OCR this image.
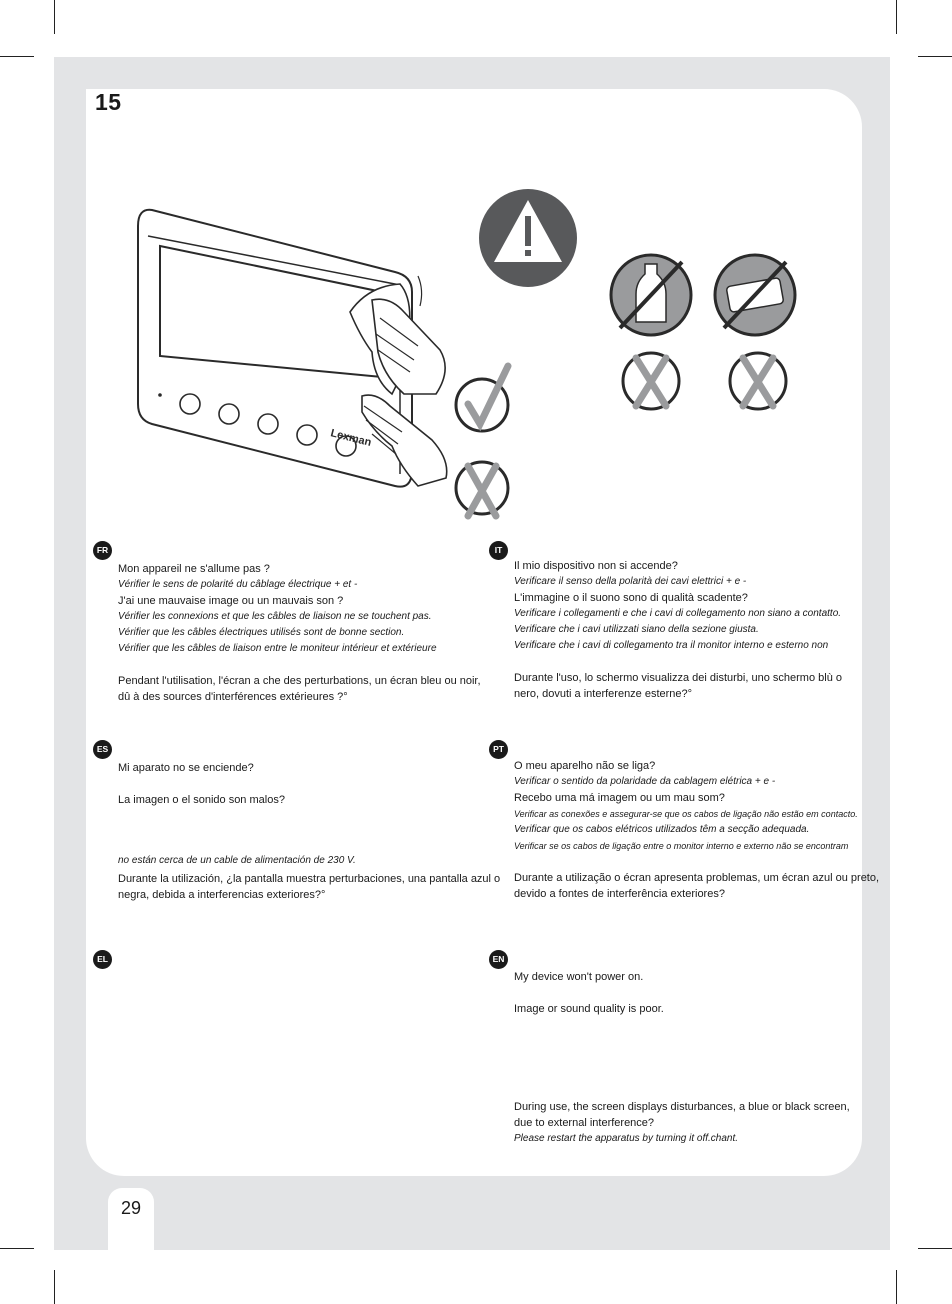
15
Lexman
FR
Mon appareil ne s'allume pas ?
Vérifier le sens de polarité du câblage électrique + et -
J'ai une mauvaise image ou un mauvais son ?
Vérifier les connexions et que les câbles de liaison ne se touchent pas.
Vérifier que les câbles électriques utilisés sont de bonne section.
Vérifier que les câbles de liaison entre le moniteur intérieur et extérieure
Pendant l'utilisation, l'écran a che des perturbations, un écran bleu ou noir,
dû à des sources d'interférences extérieures ?°
IT
Il mio dispositivo non si accende?
Verificare il senso della polarità dei cavi elettrici + e -
L'immagine o il suono sono di qualità scadente?
Verificare i collegamenti e che i cavi di collegamento non siano a contatto.
Verificare che i cavi utilizzati siano della sezione giusta.
Verificare che i cavi di collegamento tra il monitor interno e esterno non
Durante l'uso, lo schermo visualizza dei disturbi, uno schermo blù o
nero, dovuti a interferenze esterne?°
ES
Mi aparato no se enciende?
La imagen o el sonido son malos?
no están cerca de un cable de alimentación de 230 V.
Durante la utilización, ¿la pantalla muestra perturbaciones, una pantalla azul o
negra, debida a interferencias exteriores?°
PT
O meu aparelho não se liga?
Verificar o sentido da polaridade da cablagem elétrica + e -
Recebo uma má imagem ou um mau som?
Verificar as conexões e assegurar-se que os cabos de ligação não estão em contacto.
Verificar que os cabos elétricos utilizados têm a secção adequada.
Verificar se os cabos de ligação entre o monitor interno e externo não se encontram
Durante a utilização o écran apresenta problemas, um écran azul ou preto,
devido a fontes de interferência exteriores?
EL	EN
My device won't power on.
Image or sound quality is poor.
During use, the screen displays disturbances, a blue or black screen,
due to external interference?
Please restart the apparatus by turning it off.chant.
29
